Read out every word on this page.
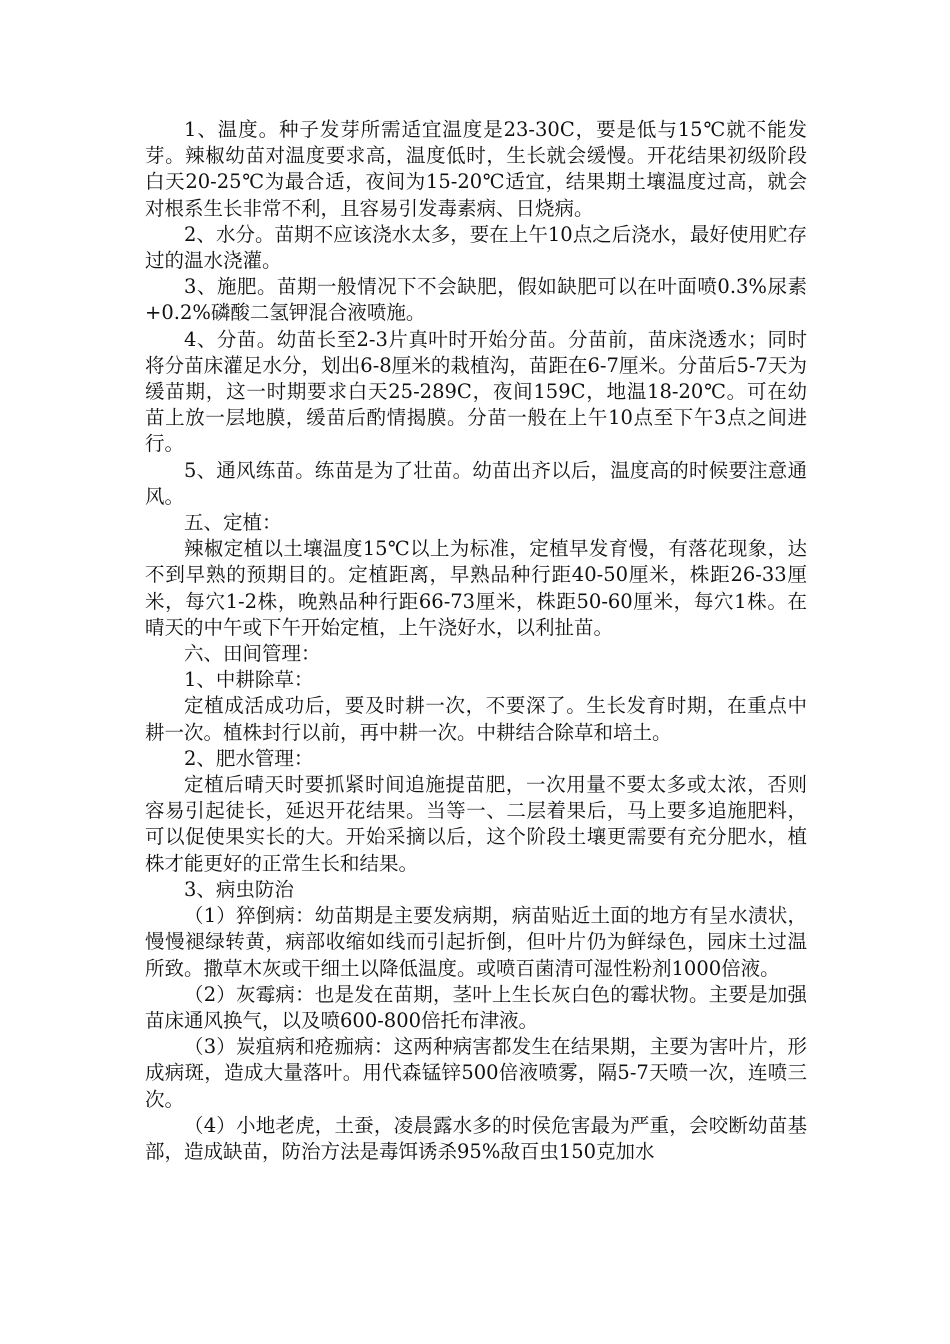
1、温度。种子发芽所需适宜温度是23-30C，要是低与15℃就不能发芽。辣椒幼苗对温度要求高，温度低时，生长就会缓慢。开花结果初级阶段白天20-25℃为最合适，夜间为15-20℃适宜，结果期土壤温度过高，就会对根系生长非常不利，且容易引发毒素病、日烧病。

2、水分。苗期不应该浇水太多，要在上午10点之后浇水，最好使用贮存过的温水浇灌。

3、施肥。苗期一般情况下不会缺肥，假如缺肥可以在叶面喷0.3%尿素+0.2%磷酸二氢钾混合液喷施。

4、分苗。幼苗长至2-3片真叶时开始分苗。分苗前，苗床浇透水；同时将分苗床灌足水分，划出6-8厘米的栽植沟，苗距在6-7厘米。分苗后5-7天为缓苗期，这一时期要求白天25-289C，夜间159C，地温18-20℃。可在幼苗上放一层地膜，缓苗后酌情揭膜。分苗一般在上午10点至下午3点之间进行。

5、通风练苗。练苗是为了壮苗。幼苗出齐以后，温度高的时候要注意通风。

五、定植：

辣椒定植以土壤温度15℃以上为标准，定植早发育慢，有落花现象，达不到早熟的预期目的。定植距离，早熟品种行距40-50厘米，株距26-33厘米，每穴1-2株，晚熟品种行距66-73厘米，株距50-60厘米，每穴1株。在晴天的中午或下午开始定植，上午浇好水，以利扯苗。

六、田间管理：

1、中耕除草：

定植成活成功后，要及时耕一次，不要深了。生长发育时期，在重点中耕一次。植株封行以前，再中耕一次。中耕结合除草和培土。

2、肥水管理：

定植后晴天时要抓紧时间追施提苗肥，一次用量不要太多或太浓，否则容易引起徒长，延迟开花结果。当等一、二层着果后，马上要多追施肥料，可以促使果实长的大。开始采摘以后，这个阶段土壤更需要有充分肥水，植株才能更好的正常生长和结果。

3、病虫防治

（1）猝倒病：幼苗期是主要发病期，病苗贴近土面的地方有呈水渍状，慢慢褪绿转黄，病部收缩如线而引起折倒，但叶片仍为鲜绿色，园床土过温所致。撒草木灰或干细土以降低温度。或喷百菌清可湿性粉剂1000倍液。

（2）灰霉病：也是发在苗期，茎叶上生长灰白色的霉状物。主要是加强苗床通风换气，以及喷600-800倍托布津液。

（3）炭疽病和疮痂病：这两种病害都发生在结果期，主要为害叶片，形成病斑，造成大量落叶。用代森锰锌500倍液喷雾，隔5-7天喷一次，连喷三次。

（4）小地老虎，土蚕，凌晨露水多的时侯危害最为严重，会咬断幼苗基部，造成缺苗，防治方法是毒饵诱杀95%敌百虫150克加水
